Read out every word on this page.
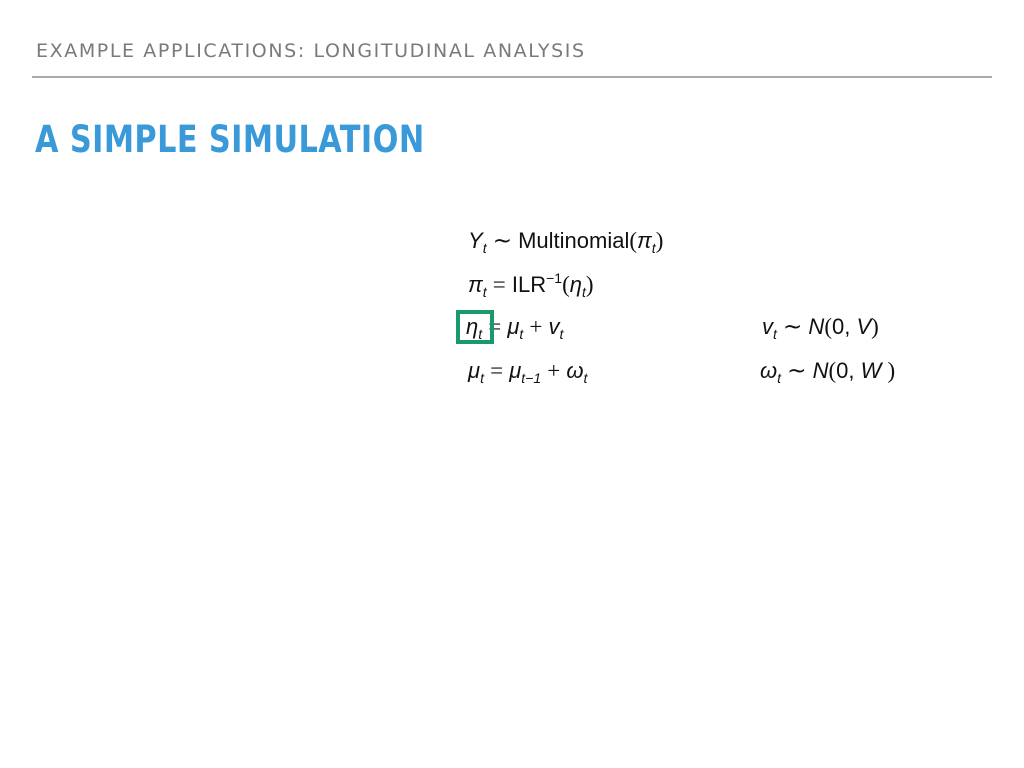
EXAMPLE APPLICATIONS: LONGITUDINAL ANALYSIS
A SIMPLE SIMULATION
$Y_t$ ∼ $Multinomial(\pi_t)$
$\pi_t = ILR^{-1}(\eta_t)$
$\eta_t = \mu_t + v_t$
$\mu_t = \mu_{t-1} + \omega_t$
$v_t$ ∼ N(0, V)
$\omega_t$ ∼ N(0, W )
